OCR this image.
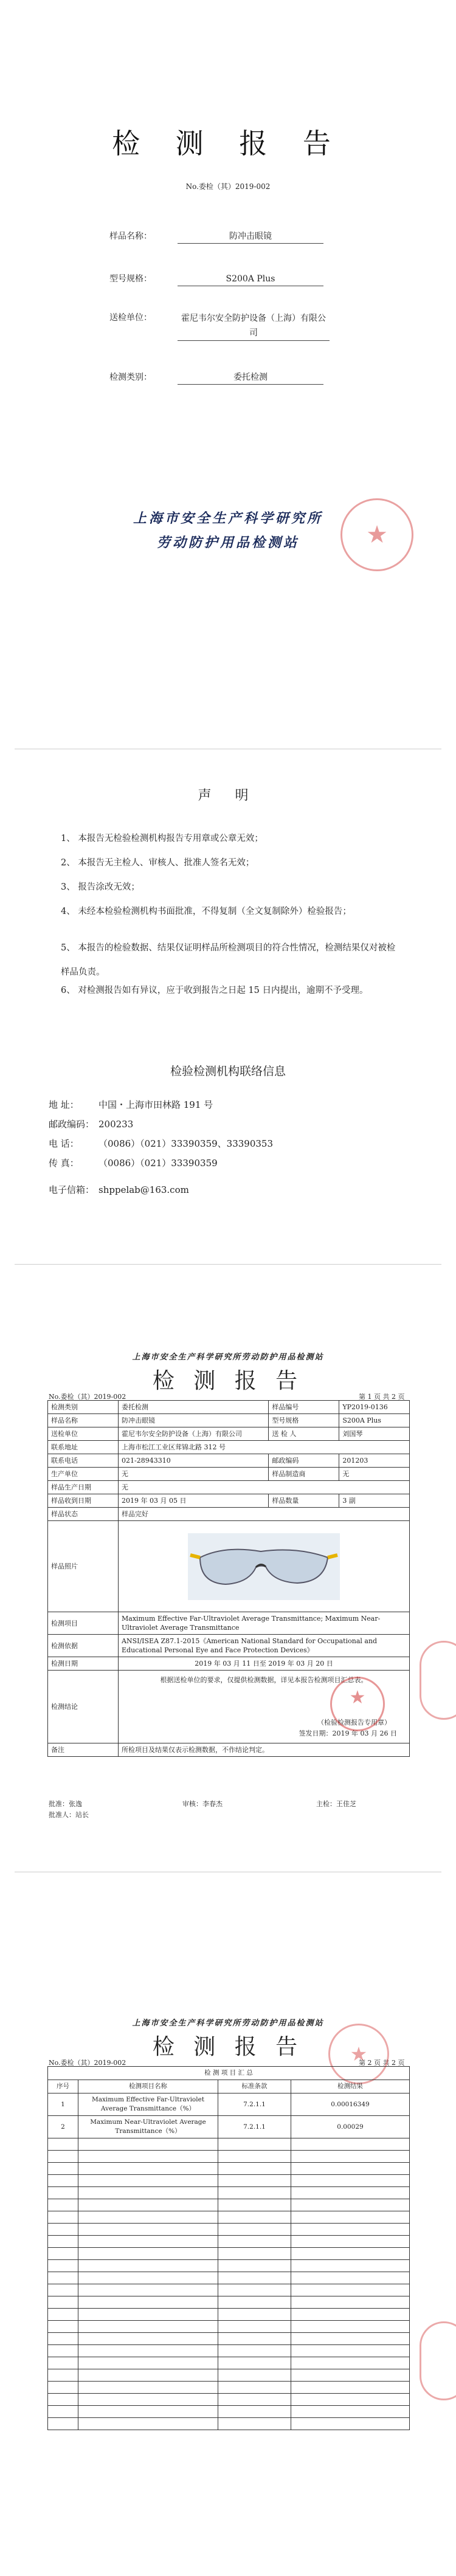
检 测 报 告
No.委检（其）2019-002
样品名称：	防冲击眼镜
型号规格：	S200A Plus
送检单位：	霍尼韦尔安全防护设备（上海）有限公司
检测类别：	委托检测
上海市安全生产科学研究所
劳动防护用品检测站	★
声 明
1、 本报告无检验检测机构报告专用章或公章无效；
2、 本报告无主检人、审核人、批准人签名无效；
3、 报告涂改无效；
4、 未经本检验检测机构书面批准，不得复制（全文复制除外）检验报告；
5、 本报告的检验数据、结果仅证明样品所检测项目的符合性情况，检测结果仅对被检样品负责。
6、 对检测报告如有异议，应于收到报告之日起 15 日内提出，逾期不予受理。
检验检测机构联络信息
地 址： 中国・上海市田林路 191 号
邮政编码： 200233
电 话： （0086）（021）33390359、33390353
传 真： （0086）（021）33390359
电子信箱： shppelab@163.com
上海市安全生产科学研究所劳动防护用品检测站
检 测 报 告
No.委检（其）2019-002	第 1 页 共 2 页
检测类别	委托检测	样品编号	YP2019-0136
样品名称	防冲击眼镜	型号规格	S200A Plus
送检单位	霍尼韦尔安全防护设备（上海）有限公司	送 检 人	刘国琴
联系地址	上海市松江工业区茸锦北路 312 号		
联系电话	021-28943310	邮政编码	201203
生产单位	无	样品制造商	无
样品生产日期	无		
样品收到日期	2019 年 03 月 05 日	样品数量	3 副
样品状态	样品完好		
样品照片	

检测项目	Maximum Effective Far-Ultraviolet Average Transmittance; Maximum Near-Ultraviolet Average Transmittance		
检测依据	ANSI/ISEA Z87.1-2015《American National Standard for Occupational and Educational Personal Eye and Face Protection Devices》		
检测日期	2019 年 03 月 11 日至 2019 年 03 月 20 日		
检测结论	根据送检单位的要求，仅提供检测数据，详见本报告检测项目汇总表。
（检验检测报告专用章）
签发日期：2019 年 03 月 26 日
★		

备注	所检项目及结果仅表示检测数据，不作结论判定。		
批准：张逸	审核：李春杰	主检：王佳芝
批准人：站长
上海市安全生产科学研究所劳动防护用品检测站
检 测 报 告
No.委检（其）2019-002	第 2 页 共 2 页
★
检 测 项 目 汇 总			
序号	检测项目名称	标准条款	检测结果
1	Maximum Effective Far-Ultraviolet Average Transmittance（%）	7.2.1.1	0.00016349
2	Maximum Near-Ultraviolet Average Transmittance（%）	7.2.1.1	0.00029
